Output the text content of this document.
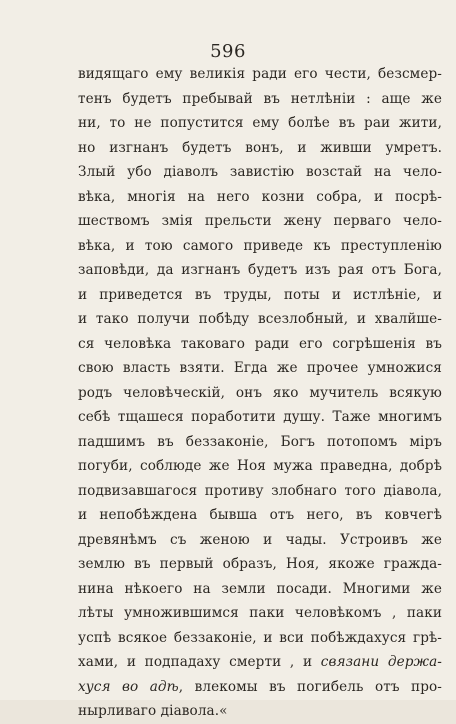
596
видящаго ему великія ради его чести, безсмер-
тенъ будетъ пребывай въ нетлѣніи : аще же
ни, то не попустится ему болѣе въ раи жити,
но изгнанъ будетъ вонъ, и живши умретъ.
Злый убо діаволъ завистію возстай на чело-
вѣка, многія на него козни собра, и посрѣ-
шествомъ змія прельсти жену перваго чело-
вѣка, и тою самого приведе къ преступленію
заповѣди, да изгнанъ будетъ изъ рая отъ Бога,
и приведется въ труды, поты и истлѣніе, и
и тако получи побѣду всезлобный, и хвалйше-
ся человѣка таковаго ради его согрѣшенія въ
свою власть взяти. Егда же прочее умножися
родъ человѣческій, онъ яко мучитель всякую
себѣ тщашеся поработити душу. Таже многимъ
падшимъ въ беззаконіе, Богъ потопомъ міръ
погуби, соблюде же Ноя мужа праведна, добрѣ
подвизавшагося противу злобнаго того діавола,
и непобѣждена бывша отъ него, въ ковчегѣ
древянѣмъ съ женою и чады. Устроивъ же
землю въ первый образъ, Ноя, якоже гражда-
нина нѣкоего на земли посади. Многими же
лѣты умножившимся паки человѣкомъ , паки
успѣ всякое беззаконіе, и вси побѣждахуся грѣ-
хами, и подпадаху смерти , и связани держа-
хуся во адѣ, влекомы въ погибель отъ про-
нырливаго діавола.«
